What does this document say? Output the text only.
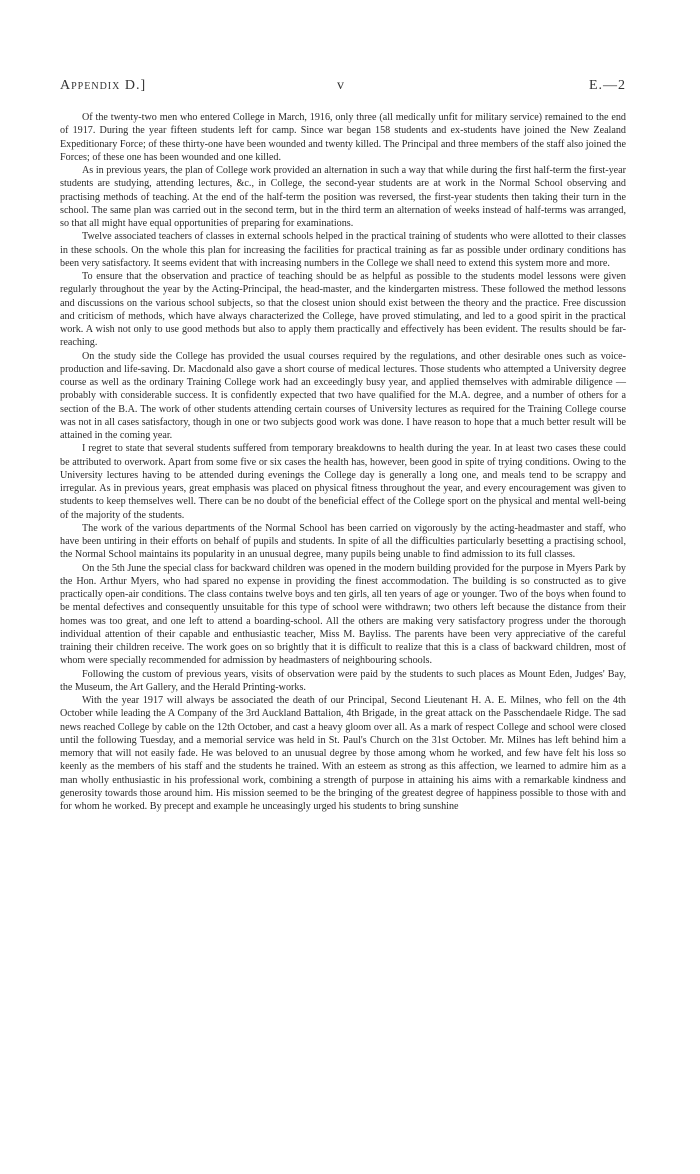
Appendix D.]	v	E.—2

Of the twenty-two men who entered College in March, 1916, only three (all medically unfit for military service) remained to the end of 1917. During the year fifteen students left for camp. Since war began 158 students and ex-students have joined the New Zealand Expeditionary Force; of these thirty-one have been wounded and twenty killed. The Principal and three members of the staff also joined the Forces; of these one has been wounded and one killed.

As in previous years, the plan of College work provided an alternation in such a way that while during the first half-term the first-year students are studying, attending lectures, &c., in College, the second-year students are at work in the Normal School observing and practising methods of teaching. At the end of the half-term the position was reversed, the first-year students then taking their turn in the school. The same plan was carried out in the second term, but in the third term an alternation of weeks instead of half-terms was arranged, so that all might have equal opportunities of preparing for examinations.

Twelve associated teachers of classes in external schools helped in the practical training of students who were allotted to their classes in these schools. On the whole this plan for increasing the facilities for practical training as far as possible under ordinary conditions has been very satisfactory. It seems evident that with increasing numbers in the College we shall need to extend this system more and more.

To ensure that the observation and practice of teaching should be as helpful as possible to the students model lessons were given regularly throughout the year by the Acting-Principal, the head-master, and the kindergarten mistress. These followed the method lessons and discussions on the various school subjects, so that the closest union should exist between the theory and the practice. Free discussion and criticism of methods, which have always characterized the College, have proved stimulating, and led to a good spirit in the practical work. A wish not only to use good methods but also to apply them practically and effectively has been evident. The results should be far-reaching.

On the study side the College has provided the usual courses required by the regulations, and other desirable ones such as voice-production and life-saving. Dr. Macdonald also gave a short course of medical lectures. Those students who attempted a University degree course as well as the ordinary Training College work had an exceedingly busy year, and applied themselves with admirable diligence —probably with considerable success. It is confidently expected that two have qualified for the M.A. degree, and a number of others for a section of the B.A. The work of other students attending certain courses of University lectures as required for the Training College course was not in all cases satisfactory, though in one or two subjects good work was done. I have reason to hope that a much better result will be attained in the coming year.

I regret to state that several students suffered from temporary breakdowns to health during the year. In at least two cases these could be attributed to overwork. Apart from some five or six cases the health has, however, been good in spite of trying conditions. Owing to the University lectures having to be attended during evenings the College day is generally a long one, and meals tend to be scrappy and irregular. As in previous years, great emphasis was placed on physical fitness throughout the year, and every encouragement was given to students to keep themselves well. There can be no doubt of the beneficial effect of the College sport on the physical and mental well-being of the majority of the students.

The work of the various departments of the Normal School has been carried on vigorously by the acting-headmaster and staff, who have been untiring in their efforts on behalf of pupils and students. In spite of all the difficulties particularly besetting a practising school, the Normal School maintains its popularity in an unusual degree, many pupils being unable to find admission to its full classes.

On the 5th June the special class for backward children was opened in the modern building provided for the purpose in Myers Park by the Hon. Arthur Myers, who had spared no expense in providing the finest accommodation. The building is so constructed as to give practically open-air conditions. The class contains twelve boys and ten girls, all ten years of age or younger. Two of the boys when found to be mental defectives and consequently unsuitable for this type of school were withdrawn; two others left because the distance from their homes was too great, and one left to attend a boarding-school. All the others are making very satisfactory progress under the thorough individual attention of their capable and enthusiastic teacher, Miss M. Bayliss. The parents have been very appreciative of the careful training their children receive. The work goes on so brightly that it is difficult to realize that this is a class of backward children, most of whom were specially recommended for admission by headmasters of neighbouring schools.

Following the custom of previous years, visits of observation were paid by the students to such places as Mount Eden, Judges' Bay, the Museum, the Art Gallery, and the Herald Printing-works.

With the year 1917 will always be associated the death of our Principal, Second Lieutenant H. A. E. Milnes, who fell on the 4th October while leading the A Company of the 3rd Auckland Battalion, 4th Brigade, in the great attack on the Passchendaele Ridge. The sad news reached College by cable on the 12th October, and cast a heavy gloom over all. As a mark of respect College and school were closed until the following Tuesday, and a memorial service was held in St. Paul's Church on the 31st October. Mr. Milnes has left behind him a memory that will not easily fade. He was beloved to an unusual degree by those among whom he worked, and few have felt his loss so keenly as the members of his staff and the students he trained. With an esteem as strong as this affection, we learned to admire him as a man wholly enthusiastic in his professional work, combining a strength of purpose in attaining his aims with a remarkable kindness and generosity towards those around him. His mission seemed to be the bringing of the greatest degree of happiness possible to those with and for whom he worked. By precept and example he unceasingly urged his students to bring sunshine
